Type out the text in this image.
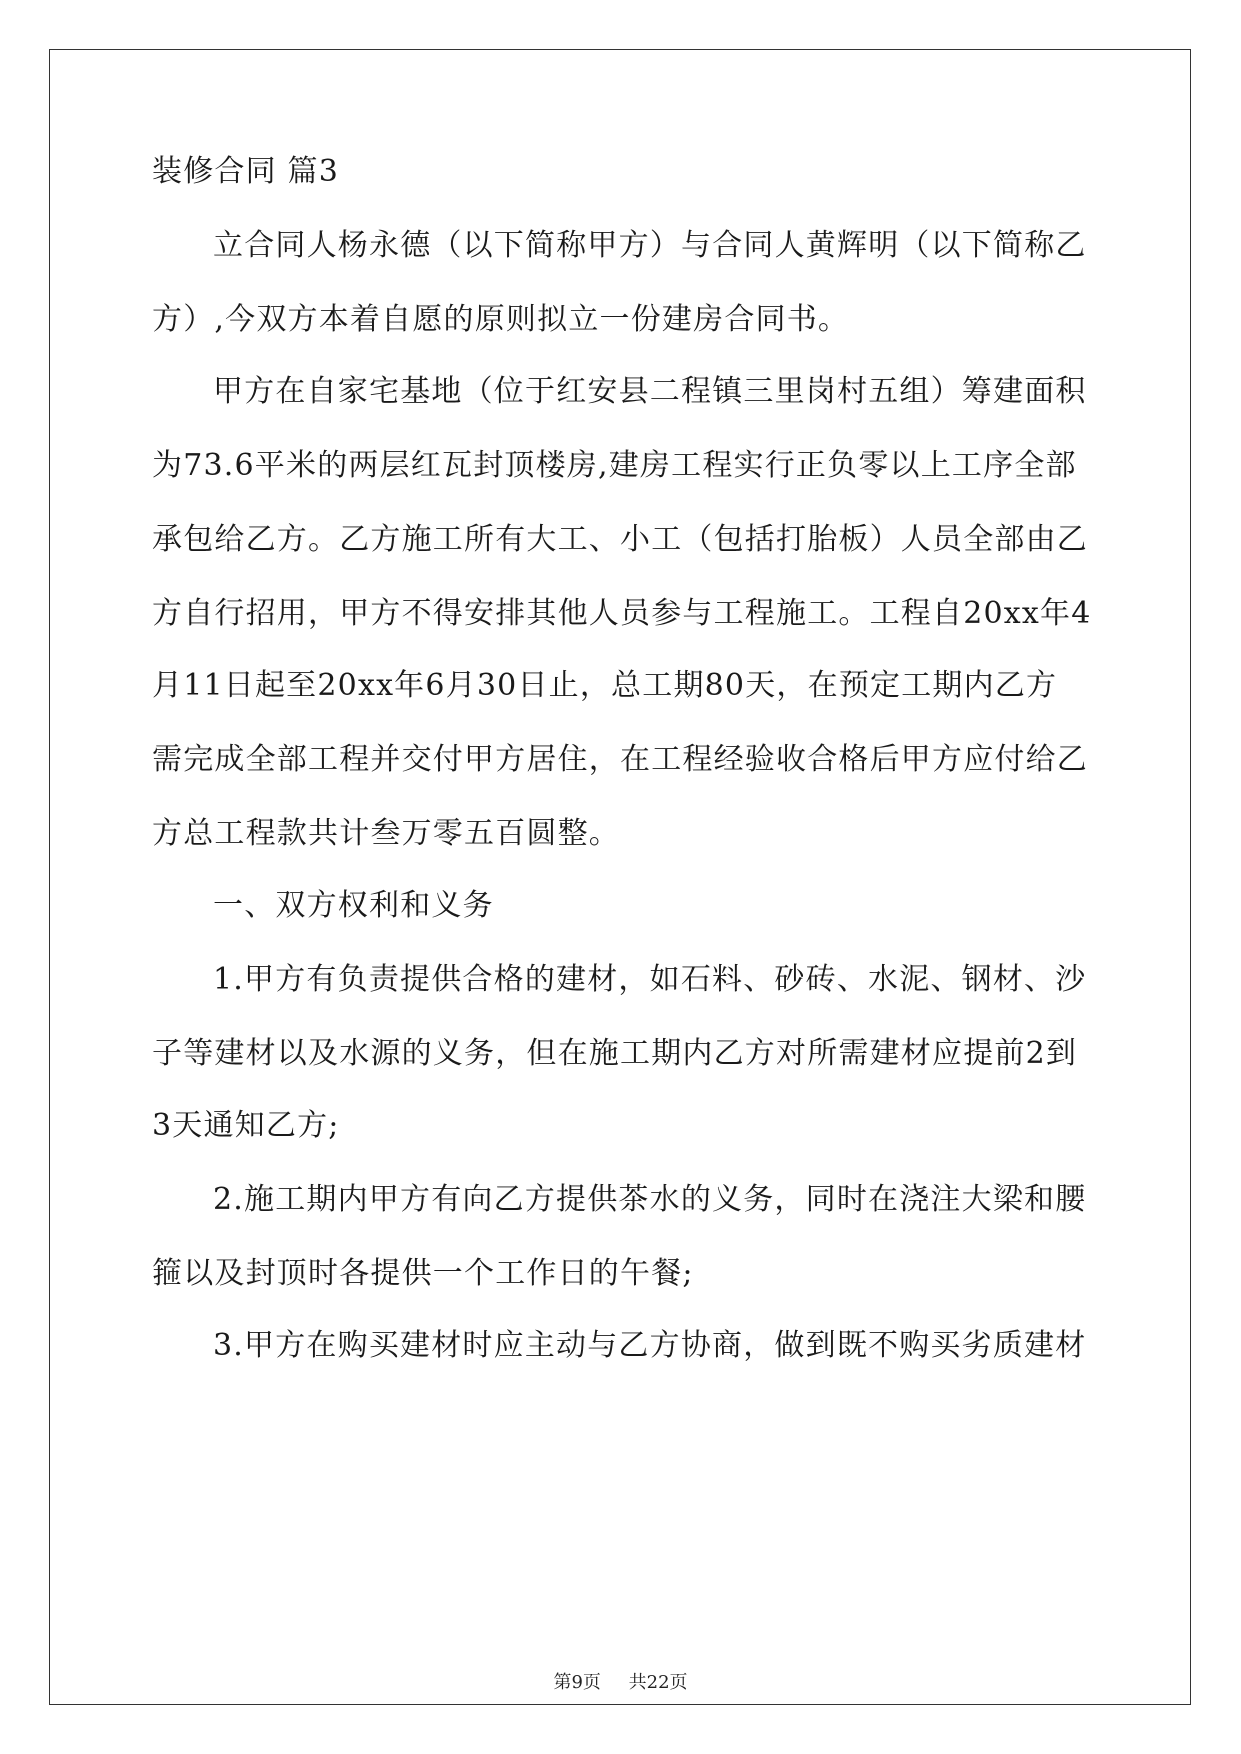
装修合同 篇3
立合同人杨永德（以下简称甲方）与合同人黄辉明（以下简称乙
方）,今双方本着自愿的原则拟立一份建房合同书。
甲方在自家宅基地（位于红安县二程镇三里岗村五组）筹建面积
为73.6平米的两层红瓦封顶楼房,建房工程实行正负零以上工序全部
承包给乙方。乙方施工所有大工、小工（包括打胎板）人员全部由乙
方自行招用，甲方不得安排其他人员参与工程施工。工程自20xx年4
月11日起至20xx年6月30日止，总工期80天，在预定工期内乙方
需完成全部工程并交付甲方居住，在工程经验收合格后甲方应付给乙
方总工程款共计叁万零五百圆整。
一、双方权利和义务
1.甲方有负责提供合格的建材，如石料、砂砖、水泥、钢材、沙
子等建材以及水源的义务，但在施工期内乙方对所需建材应提前2到
3天通知乙方;
2.施工期内甲方有向乙方提供茶水的义务，同时在浇注大梁和腰
箍以及封顶时各提供一个工作日的午餐;
3.甲方在购买建材时应主动与乙方协商，做到既不购买劣质建材
第9页 共22页
